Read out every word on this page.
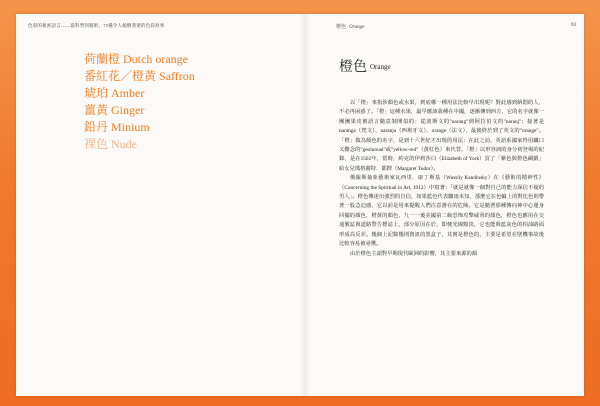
色彩的秘密語言——從科學到藝術，75種令人傾倒著迷的色彩故事	橙色 Orange	93
荷蘭橙 Dutch orange
番紅花／橙黃 Saffron
琥珀 Amber
薑黃 Ginger
鉛丹 Minium
裸色 Nude
橙色 Orange

以「橙」來指涉顏色或水果，到底哪一種用法比較早出現呢？對此感到納悶的人，不必再困惑了。「橙」這種水果，最早應該栽種在中國，逐漸傳到西方，它的名字就像一團團果皮被語言隨意剝開似的：從波斯文的"narang"到阿拉伯文的"naranj"；接著是naranga（梵文）、naranja（西班牙文）、orange（法文），最後終於到了英文的"orange"。「橙」做為顏色的名字，是到十六世紀才出現的用法：在此之前，英語系國家得用纖口又難念的"geoluread"或"yellow-red"（黃紅色）來代替。「橙」以形容詞的身分初登場的紀錄，是在1502年，當時，約克的伊莉莎白（Elizabeth of York）買了「紫色與橙色綢緞」給女兒瑪格麗特．都鐸（Margaret Tudor）。

俄羅斯抽象藝術家瓦西里．康丁斯基（Wassily Kandinsky）在《藝術的精神性》（Concerning the Spiritual in Art, 1912）中寫著：「就是就像一個對自己的能力深信不疑的男人」。橙色傳達出強烈的自信，如果藍色代表驟雨未知，那麼它在色輪上的對比色則帶著一股急迫感，它以前是用來提醒人們注意潛在的危險。它是隨著那種傳向神中心運身回擺的顏色，橙黃的顏色，九一一後美國第二級恐怖攻擊威脅的顏色，橙色也應用在交通號誌與道路警告標誌上，部分原因在於，即便光線黯淡，它也能與藍灰色的柏油路面形成高反差。幾個上記錄幾則資訊的黑盒子，其實是橙色的，主要是希望在墜機事故後比較容易被尋獲。

由於橙色主頭對早期現代歐洲的影響，其主要來源的顏
